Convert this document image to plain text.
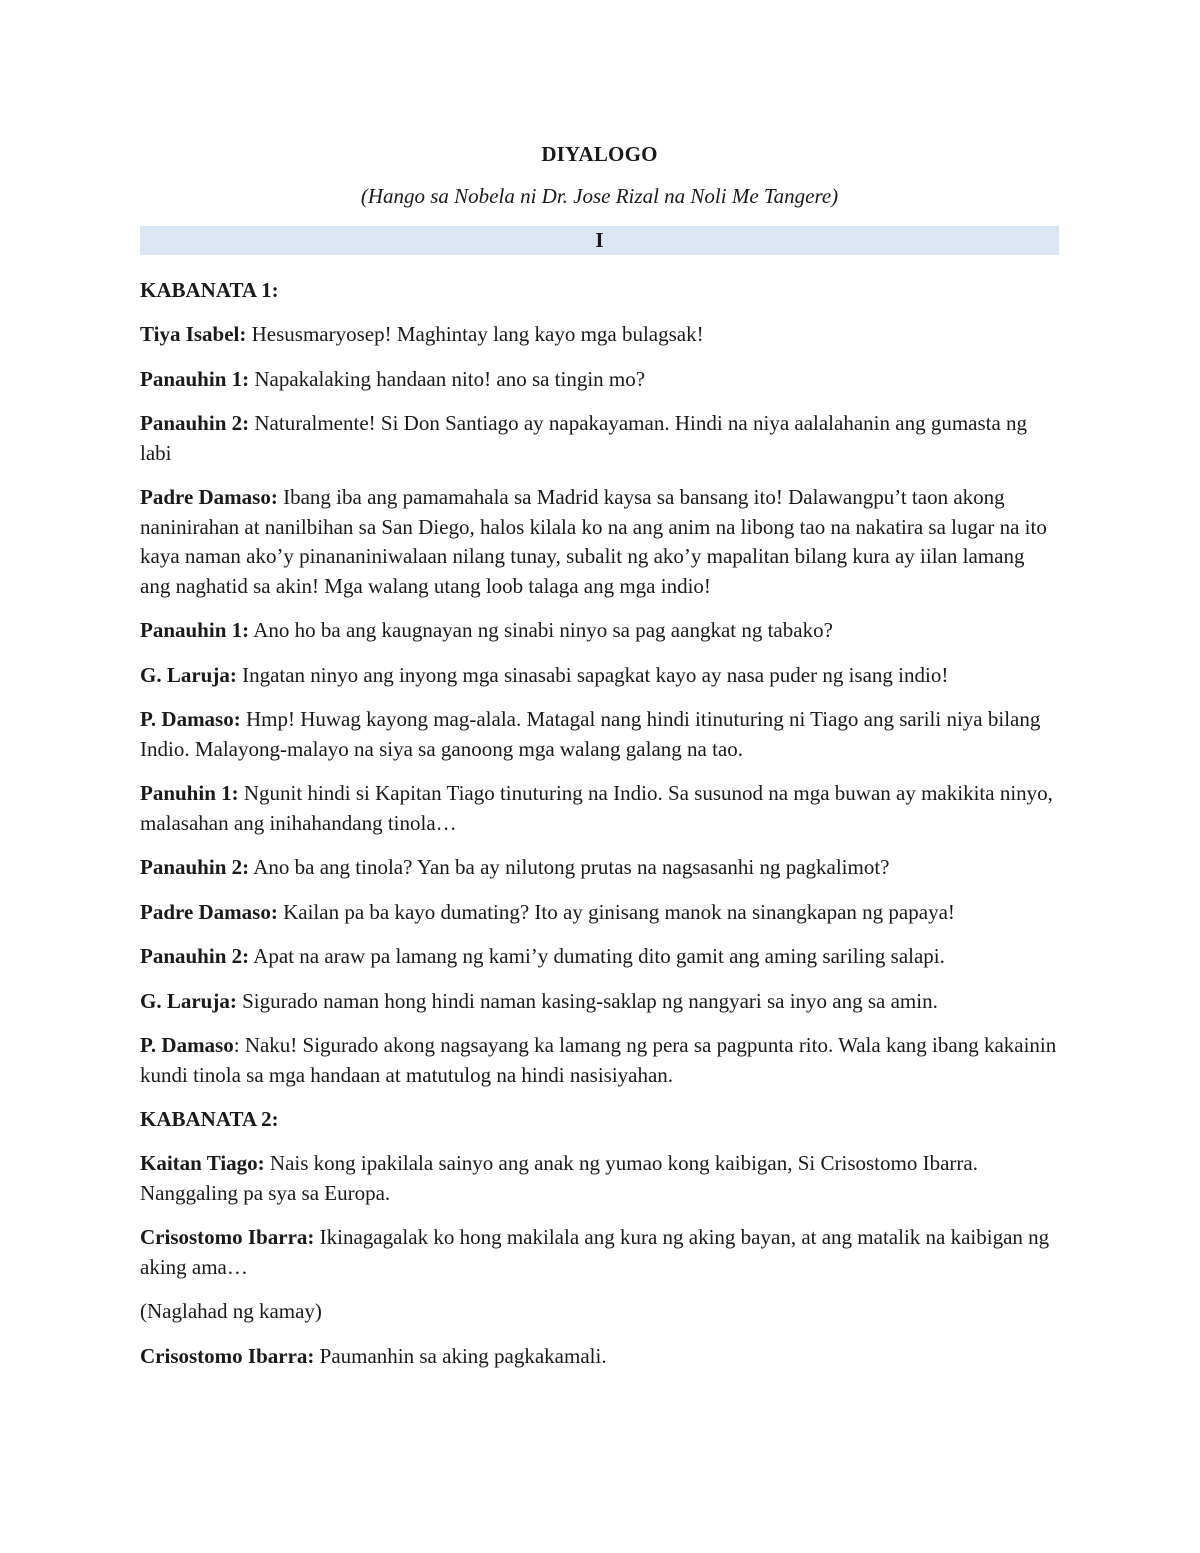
DIYALOGO
(Hango sa Nobela ni Dr. Jose Rizal na Noli Me Tangere)
I
KABANATA 1:
Tiya Isabel: Hesusmaryosep! Maghintay lang kayo mga bulagsak!
Panauhin 1: Napakalaking handaan nito! ano sa tingin mo?
Panauhin 2: Naturalmente! Si Don Santiago ay napakayaman. Hindi na niya aalalahanin ang gumasta ng labi
Padre Damaso: Ibang iba ang pamamahala sa Madrid kaysa sa bansang ito! Dalawangpu’t taon akong naninirahan at nanilbihan sa San Diego, halos kilala ko na ang anim na libong tao na nakatira sa lugar na ito kaya naman ako’y pinananiniwalaan nilang tunay, subalit ng ako’y mapalitan bilang kura ay iilan lamang ang naghatid sa akin! Mga walang utang loob talaga ang mga indio!
Panauhin 1: Ano ho ba ang kaugnayan ng sinabi ninyo sa pag aangkat ng tabako?
G. Laruja: Ingatan ninyo ang inyong mga sinasabi sapagkat kayo ay nasa puder ng isang indio!
P. Damaso: Hmp! Huwag kayong mag-alala. Matagal nang hindi itinuturing ni Tiago ang sarili niya bilang Indio. Malayong-malayo na siya sa ganoong mga walang galang na tao.
Panuhin 1: Ngunit hindi si Kapitan Tiago tinuturing na Indio. Sa susunod na mga buwan ay makikita ninyo, malasahan ang inihahandang tinola…
Panauhin 2: Ano ba ang tinola? Yan ba ay nilutong prutas na nagsasanhi ng pagkalimot?
Padre Damaso: Kailan pa ba kayo dumating? Ito ay ginisang manok na sinangkapan ng papaya!
Panauhin 2: Apat na araw pa lamang ng kami’y dumating dito gamit ang aming sariling salapi.
G. Laruja: Sigurado naman hong hindi naman kasing-saklap ng nangyari sa inyo ang sa amin.
P. Damaso: Naku! Sigurado akong nagsayang ka lamang ng pera sa pagpunta rito. Wala kang ibang kakainin kundi tinola sa mga handaan at matutulog na hindi nasisiyahan.
KABANATA 2:
Kaitan Tiago: Nais kong ipakilala sainyo ang anak ng yumao kong kaibigan, Si Crisostomo Ibarra. Nanggaling pa sya sa Europa.
Crisostomo Ibarra: Ikinagagalak ko hong makilala ang kura ng aking bayan, at ang matalik na kaibigan ng aking ama…
(Naglahad ng kamay)
Crisostomo Ibarra: Paumanhin sa aking pagkakamali.
